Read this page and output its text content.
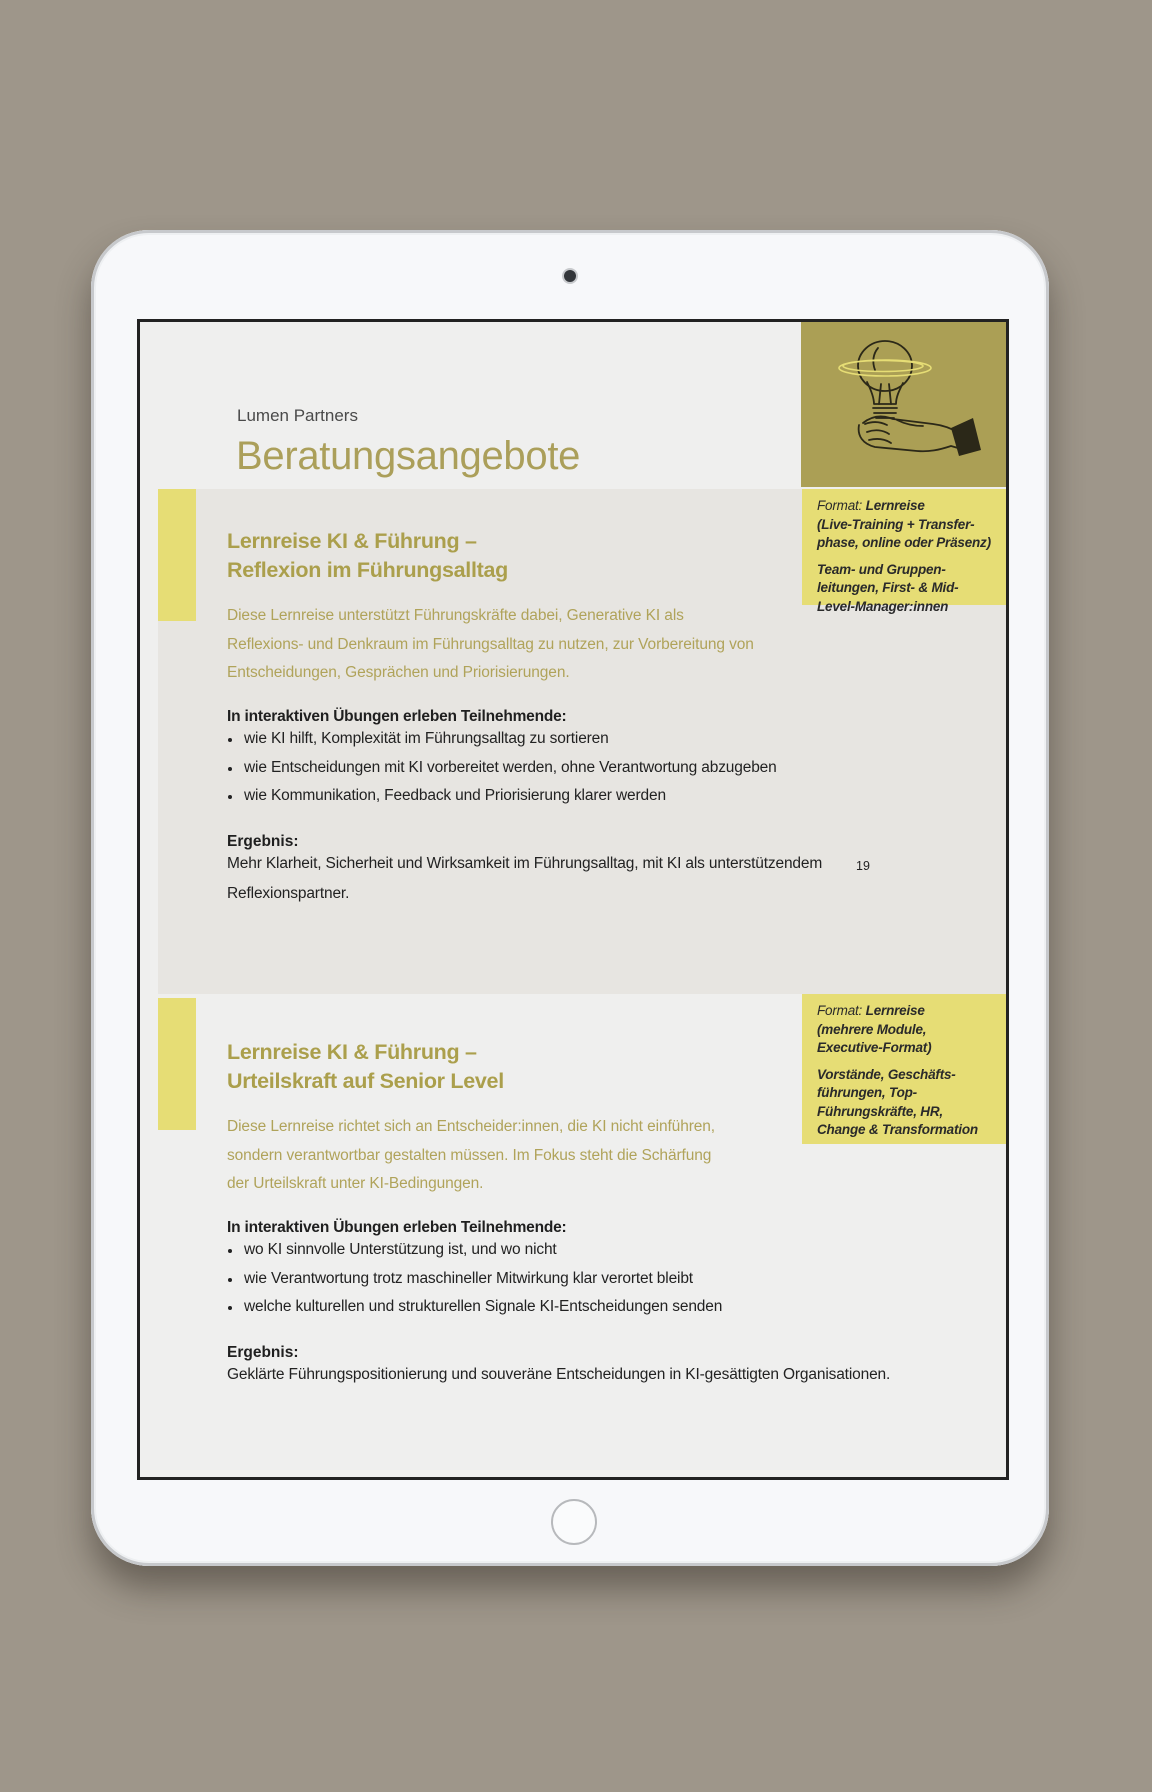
Lumen Partners
Beratungsangebote

Format: Lernreise
(Live-Training + Transfer-
phase, online oder Präsenz)

Team- und Gruppen-
leitungen, First- & Mid-
Level-Manager:innen

Lernreise KI & Führung –
Reflexion im Führungsalltag

Diese Lernreise unterstützt Führungskräfte dabei, Generative KI als
Reflexions- und Denkraum im Führungsalltag zu nutzen, zur Vorbereitung von
Entscheidungen, Gesprächen und Priorisierungen.

In interaktiven Übungen erleben Teilnehmende:

wie KI hilft, Komplexität im Führungsalltag zu sortieren
wie Entscheidungen mit KI vorbereitet werden, ohne Verantwortung abzugeben
wie Kommunikation, Feedback und Priorisierung klarer werden

Ergebnis:

Mehr Klarheit, Sicherheit und Wirksamkeit im Führungsalltag, mit KI als unterstützendem
Reflexionspartner.

19

Format: Lernreise
(mehrere Module,
Executive-Format)

Vorstände, Geschäfts-
führungen, Top-
Führungskräfte, HR,
Change & Transformation

Lernreise KI & Führung –
Urteilskraft auf Senior Level

Diese Lernreise richtet sich an Entscheider:innen, die KI nicht einführen,
sondern verantwortbar gestalten müssen. Im Fokus steht die Schärfung
der Urteilskraft unter KI-Bedingungen.

In interaktiven Übungen erleben Teilnehmende:

wo KI sinnvolle Unterstützung ist, und wo nicht
wie Verantwortung trotz maschineller Mitwirkung klar verortet bleibt
welche kulturellen und strukturellen Signale KI-Entscheidungen senden

Ergebnis:

Geklärte Führungspositionierung und souveräne Entscheidungen in KI-gesättigten Organisationen.
